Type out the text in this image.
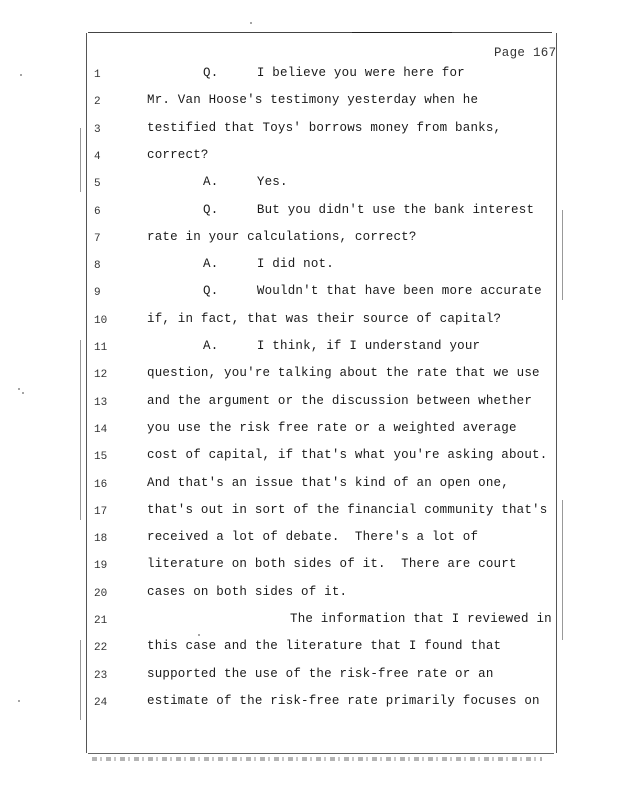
Page 167
1	Q.     I believe you were here for
2	Mr. Van Hoose's testimony yesterday when he
3	testified that Toys' borrows money from banks,
4	correct?
5	A.     Yes.
6	Q.     But you didn't use the bank interest
7	rate in your calculations, correct?
8	A.     I did not.
9	Q.     Wouldn't that have been more accurate
10	if, in fact, that was their source of capital?
11	A.     I think, if I understand your
12	question, you're talking about the rate that we use
13	and the argument or the discussion between whether
14	you use the risk free rate or a weighted average
15	cost of capital, if that's what you're asking about.
16	And that's an issue that's kind of an open one,
17	that's out in sort of the financial community that's
18	received a lot of debate.  There's a lot of
19	literature on both sides of it.  There are court
20	cases on both sides of it.
21	The information that I reviewed in
22	this case and the literature that I found that
23	supported the use of the risk-free rate or an
24	estimate of the risk-free rate primarily focuses on
